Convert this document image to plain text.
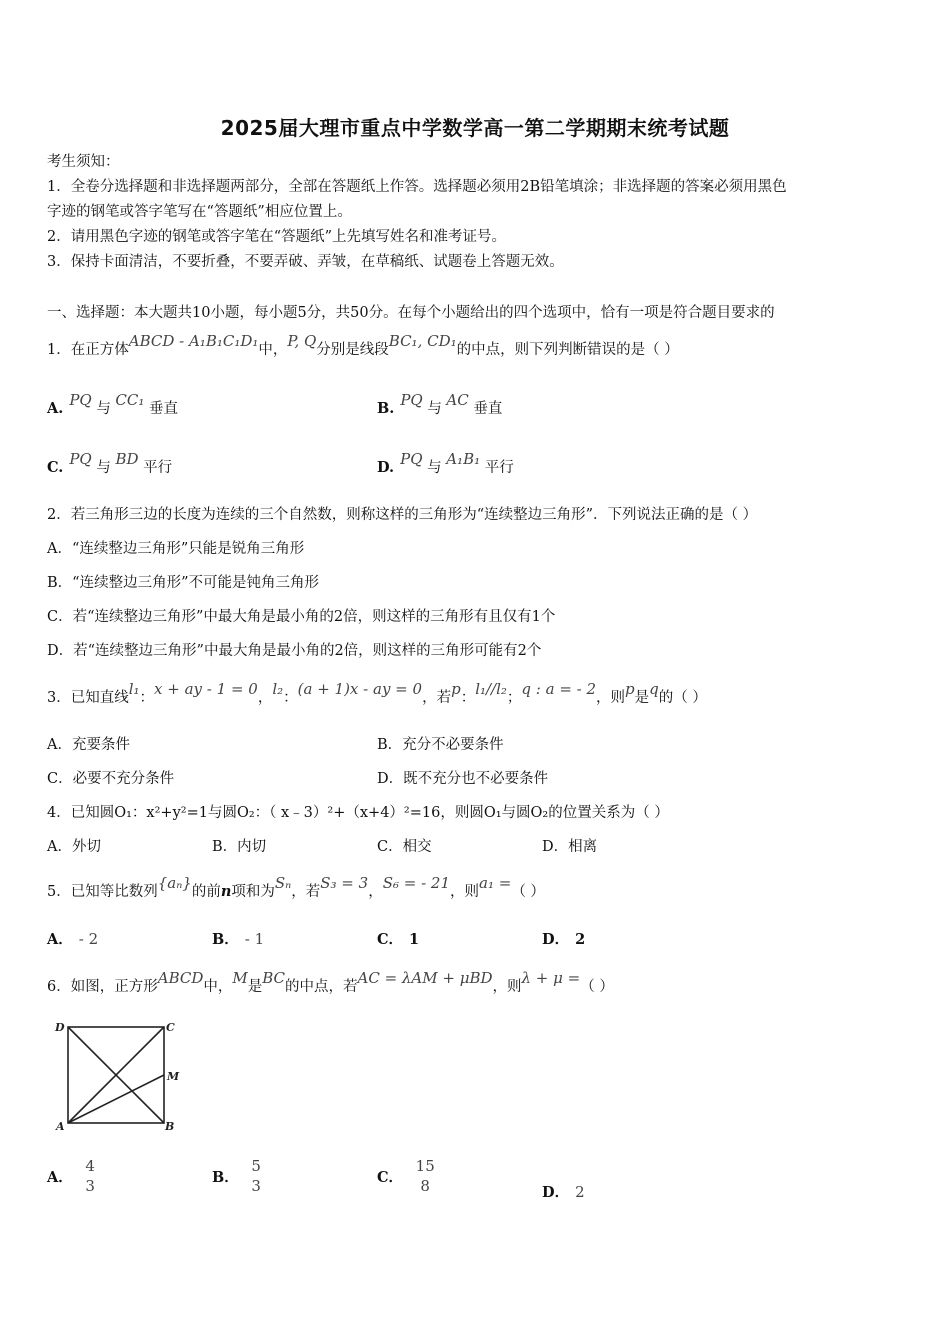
2025届大理市重点中学数学高一第二学期期末统考试题
考生须知：
1．全卷分选择题和非选择题两部分，全部在答题纸上作答。选择题必须用2B铅笔填涂；非选择题的答案必须用黑色
字迹的钢笔或答字笔写在“答题纸”相应位置上。
2．请用黑色字迹的钢笔或答字笔在“答题纸”上先填写姓名和准考证号。
3．保持卡面清洁，不要折叠，不要弄破、弄皱，在草稿纸、试题卷上答题无效。
一、选择题：本大题共10小题，每小题5分，共50分。在每个小题给出的四个选项中，恰有一项是符合题目要求的
1．在正方体ABCD - A₁B₁C₁D₁中，P, Q分别是线段BC₁, CD₁的中点，则下列判断错误的是（ ）
A. PQ 与 CC₁ 垂直	B. PQ 与 AC 垂直
C. PQ 与 BD 平行	D. PQ 与 A₁B₁ 平行
2．若三角形三边的长度为连续的三个自然数，则称这样的三角形为“连续整边三角形”．下列说法正确的是（ ）
A．“连续整边三角形”只能是锐角三角形
B．“连续整边三角形”不可能是钝角三角形
C．若“连续整边三角形”中最大角是最小角的2倍，则这样的三角形有且仅有1个
D．若“连续整边三角形”中最大角是最小角的2倍，则这样的三角形可能有2个
3．已知直线l₁：x + ay - 1 = 0，l₂：(a + 1)x - ay = 0，若p：l₁//l₂；q : a = - 2，则p是q的（ ）
A．充要条件	B．充分不必要条件
C．必要不充分条件	D．既不充分也不必要条件
4．已知圆O₁：x²+y²=1与圆O₂：（ x﹣3）²+（x+4）²=16，则圆O₁与圆O₂的位置关系为（ ）
A．外切	B．内切	C．相交	D．相离
5．已知等比数列{aₙ}的前n项和为Sₙ，若S₃ = 3，S₆ = - 21，则a₁ =（ ）
A． - 2	B． - 1	C． 1	D． 2
6．如图，正方形ABCD中，M是BC的中点，若AC = λAM + μBD，则λ + μ =（ ）
D	C
M
A	B
A．
4
3	B．
5
3	C．
15
8	D． 2
